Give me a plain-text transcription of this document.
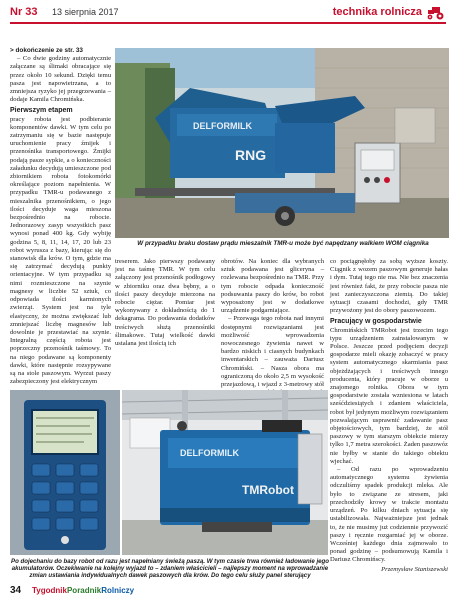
Nr 33 13 sierpnia 2017	technika rolnicza

> dokończenie ze str. 33

– Co dwie godziny automatycznie załączane są ślimaki obracające się przez około 10 sekund. Dzięki temu pasza jest napowietrzana, a to zmniejsza ryzyko jej przegrzewania – dodaje Kamila Chromińska.

Pierwszym etapem

pracy robota jest podbieranie komponentów dawki. W tym celu po zatrzymaniu się w bazie następuje uruchomienie pracy źmijek i przenośnika transportowego. Źmijki podają pasze sypkie, a o konieczności załadunku decydują umieszczone pod zbiornikiem robota fotokomórki określające poziom napełnienia. W przypadku TMR-u podawanego z mieszalnika przenośnikiem, o jego ilości decyduje waga mieszona bezpośrednio na robocie. Jednorazowy zasyp wszystkich pasz wynosi ponad 400 kg. Gdy wybiję godzina 5, 8, 11, 14, 17, 20 lub 23 robot wyrusza z bazy, kierując się do stanowisk dla krów. O tym, gdzie ma się zatrzymać decydują punkty orientacyjne. W tym przypadku są nimi rozmieszczone na szynie magnesy w liczbie 52 sztuk, co odpowiada ilości karmionych zwierząt. System jest na tyle elastyczny, że można zwiększać lub zmniejszać liczbę magnesów lub dowolnie je przestawiać na szynie. Integralną częścią robota jest poprzeczny przenośnik taśmowy. To na niego podawane są komponenty dawki, które następnie rozsypywane są na stole paszowym. Wyrzut paszy zabezpieczony jest elektrycznym

DELFORMILK
RNG
W przypadku braku dostaw prądu mieszalnik TMR-u może być napędzany walkiem WOM ciągnika

treserem. Jako pierwszy podawany jest na taśmę TMR. W tym celu załączony jest przenośnik podłogowy w zbiorniku oraz dwa bębny, a o ilości paszy decyduje mierzona na robocie ciężar. Pomiar jest wykonywany z dokładnością do 1 dekagrama. Do podawania dodatków treściwych służą przenośniki ślimakowe. Tutaj wielkość dawki ustalana jest ilością ich

obrotów. Na koniec dla wybranych sztuk podawana jest gliceryna – rozlewana bezpośrednio na TMR. Przy tym robocie odpada konieczność podsuwania paszy do krów, bo robot wyposażony jest w dodatkowe urządzenie podgarniające.

– Przewaga tego robota nad innymi dostępnymi rozwiązaniami jest możliwość wprowadzenia nowoczesnego żywienia nawet w bardzo niskich i ciasnych budynkach inwentarskich – zauważa Dariusz Chromiński. – Nasza obora ma ograniczoną do około 2,5 m wysokość przejazdową, i wjazd z 3-metrowy stół

co pociągnęłoby za sobą wyższe koszty. Ciągnik z wozem paszowym generuje hałas i dym. Tutaj tego nie ma. Nie bez znaczenia jest również fakt, że przy robocie pasza nie jest zanieczyszczona ziemią. Do takiej sytuacji czasami dochodzi, gdy TMR przywożony jest do obory paszowozem.

Pracujący w gospodarstwie

Chromińskich TMRobot jest trzecim tego typu urządzeniem zainstalowanym w Polsce. Jeszcze przed podjęciem decyzji gospodarze mieli okazję zobaczyć w pracy system automatycznego skarmiania pasz objeżdżających i treściwych innego producenta, który pracuje w oborze u znajomego rolnika. Obora w tym gospodarstwie została wzniesiona w latach sześćdziesiątych i zdaniem właściciela, robot był jedynym możliwym rozwiązaniem pozwalającym usprawnić zadawanie pasz objętościowych, tym bardziej, że stół paszowy w tym starszym obiekcie mierzy tylko 1,7 metra szerokości. Żaden paszowóz nie byłby w stanie do takiego obiektu wjechać.

– Od razu po wprowadzeniu automatycznego systemu żywienia odczuliśmy spadek produkcji mleka. Ale było to związane ze stresem, jaki przechodziły krowy w trakcie montażu urządzeń. Po kilku dniach sytuacja się ustabilizowała. Najważniejsze jest jednak to, że nie musimy już codziennie przywozić paszy i ręcznie rozgarniać jej w oborze. Wcześniej każdego dnia zajmowało to ponad godzinę – podsumowują Kamila i Dariusz Chromińscy.

Przemysław Staniszewski

DELFORMILK
TMRobot
Po dojechaniu do bazy robot od razu jest napełniany świeżą paszą. W tym czasie trwa również ładowanie jego akumulatorów. Oczekiwanie na kolejny wyjazd to – zdaniem właścicieli – najlepszy moment na wprowadzanie zmian ustawiania indywidualnych dawek paszowych dla krów. Do tego celu służy panel sterujący
34 TygodnikPoradnikRolniczy
